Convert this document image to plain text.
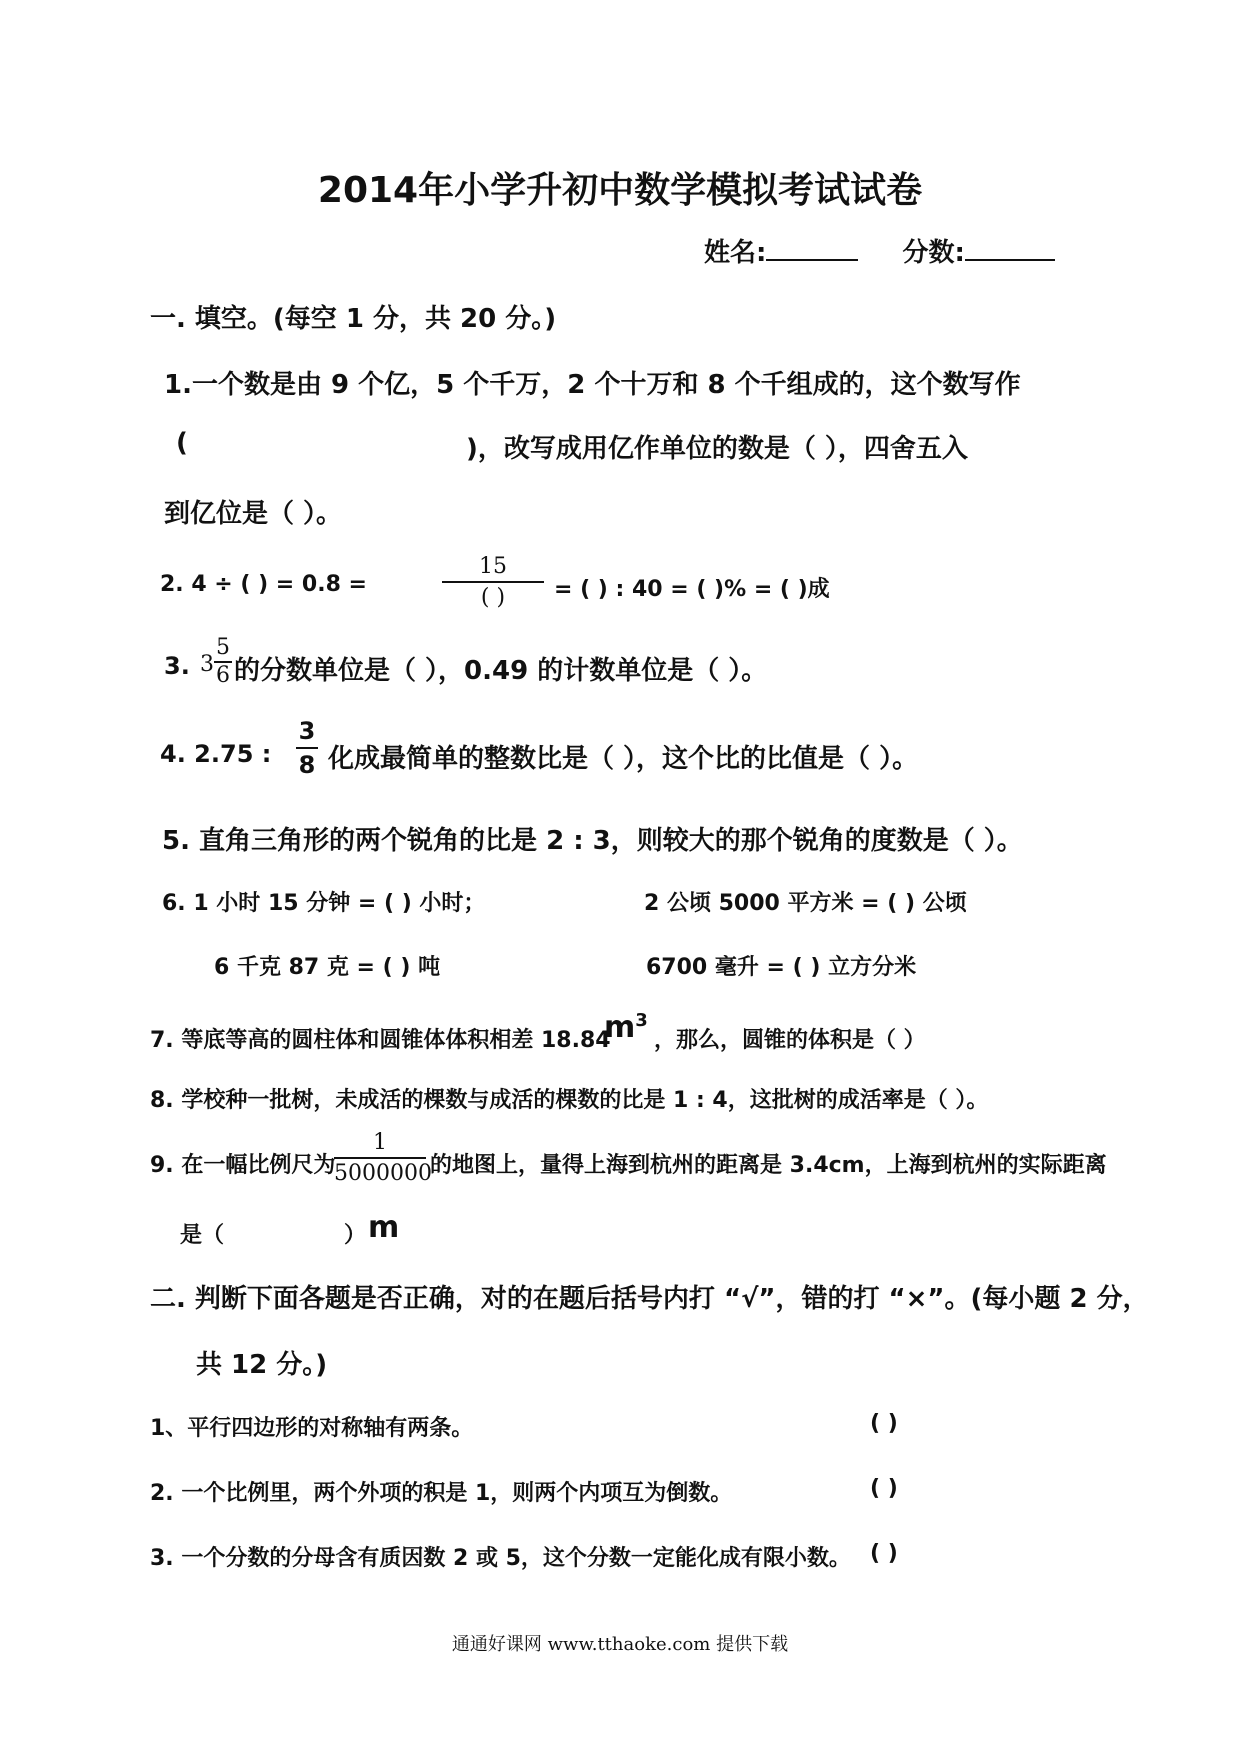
2014年小学升初中数学模拟考试试卷
姓名:	分数:
一. 填空。(每空 1 分，共 20 分。)
1.一个数是由 9 个亿，5 个千万，2 个十万和 8 个千组成的，这个数写作
(	)，改写成用亿作单位的数是（ ），四舍五入
到亿位是（ ）。
2. 4 ÷ ( ) = 0.8 =
15
( )	= ( ) : 40 = ( )% = ( )成
3. 3
5
6 的分数单位是（ ），0.49 的计数单位是（ ）。
4. 2.75 :
3
8 化成最简单的整数比是（ ），这个比的比值是（ ）。
5. 直角三角形的两个锐角的比是 2 : 3，则较大的那个锐角的度数是（ ）。
6. 1 小时 15 分钟 = ( ) 小时；	2 公顷 5000 平方米 = ( ) 公顷
6 千克 87 克 = ( ) 吨	6700 毫升 = ( ) 立方分米
7. 等底等高的圆柱体和圆锥体体积相差 18.84
$m^3$
，那么，圆锥的体积是（ ）
8. 学校种一批树，未成活的棵数与成活的棵数的比是 1 : 4，这批树的成活率是（ ）。
9. 在一幅比例尺为
1
5000000
的地图上，量得上海到杭州的距离是 3.4cm，上海到杭州的实际距离
是（	） m
二. 判断下面各题是否正确，对的在题后括号内打 “√”，错的打 “×”。(每小题 2 分，
共 12 分。)
1、平行四边形的对称轴有两条。	( )
2. 一个比例里，两个外项的积是 1，则两个内项互为倒数。	( )
3. 一个分数的分母含有质因数 2 或 5，这个分数一定能化成有限小数。 ( )
通通好课网 www.tthaoke.com 提供下载
